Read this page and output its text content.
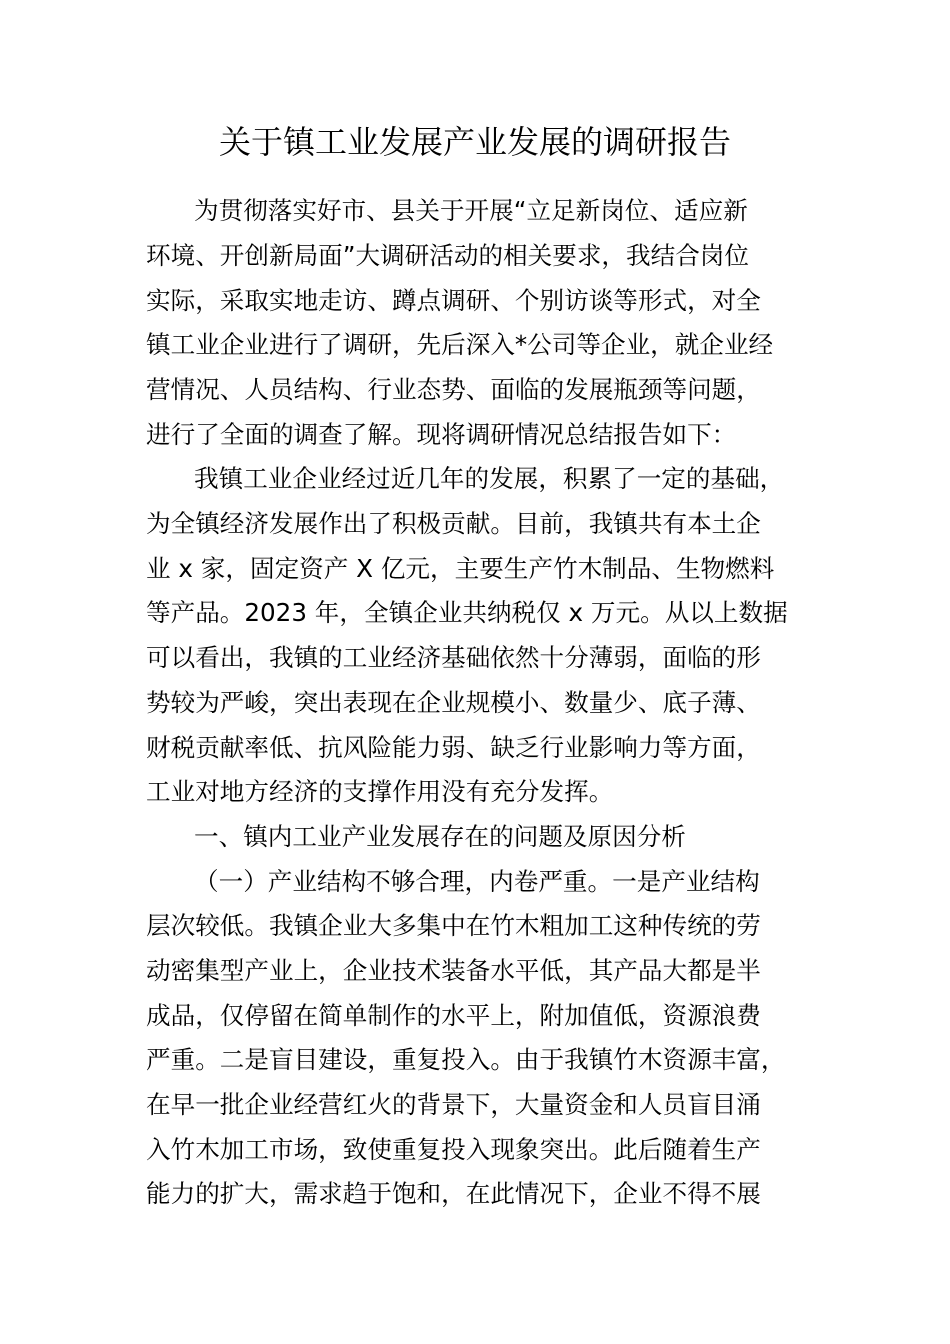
关于镇工业发展产业发展的调研报告
为贯彻落实好市、县关于开展“立足新岗位、适应新
环境、开创新局面”大调研活动的相关要求，我结合岗位
实际，采取实地走访、蹲点调研、个别访谈等形式，对全
镇工业企业进行了调研，先后深入*公司等企业，就企业经
营情况、人员结构、行业态势、面临的发展瓶颈等问题，
进行了全面的调查了解。现将调研情况总结报告如下：
我镇工业企业经过近几年的发展，积累了一定的基础，
为全镇经济发展作出了积极贡献。目前，我镇共有本土企
业 x 家，固定资产 X 亿元，主要生产竹木制品、生物燃料
等产品。2023 年，全镇企业共纳税仅 x 万元。从以上数据
可以看出，我镇的工业经济基础依然十分薄弱，面临的形
势较为严峻，突出表现在企业规模小、数量少、底子薄、
财税贡献率低、抗风险能力弱、缺乏行业影响力等方面，
工业对地方经济的支撑作用没有充分发挥。
一、镇内工业产业发展存在的问题及原因分析
（一）产业结构不够合理，内卷严重。一是产业结构
层次较低。我镇企业大多集中在竹木粗加工这种传统的劳
动密集型产业上，企业技术装备水平低，其产品大都是半
成品，仅停留在简单制作的水平上，附加值低，资源浪费
严重。二是盲目建设，重复投入。由于我镇竹木资源丰富，
在早一批企业经营红火的背景下，大量资金和人员盲目涌
入竹木加工市场，致使重复投入现象突出。此后随着生产
能力的扩大，需求趋于饱和，在此情况下，企业不得不展
